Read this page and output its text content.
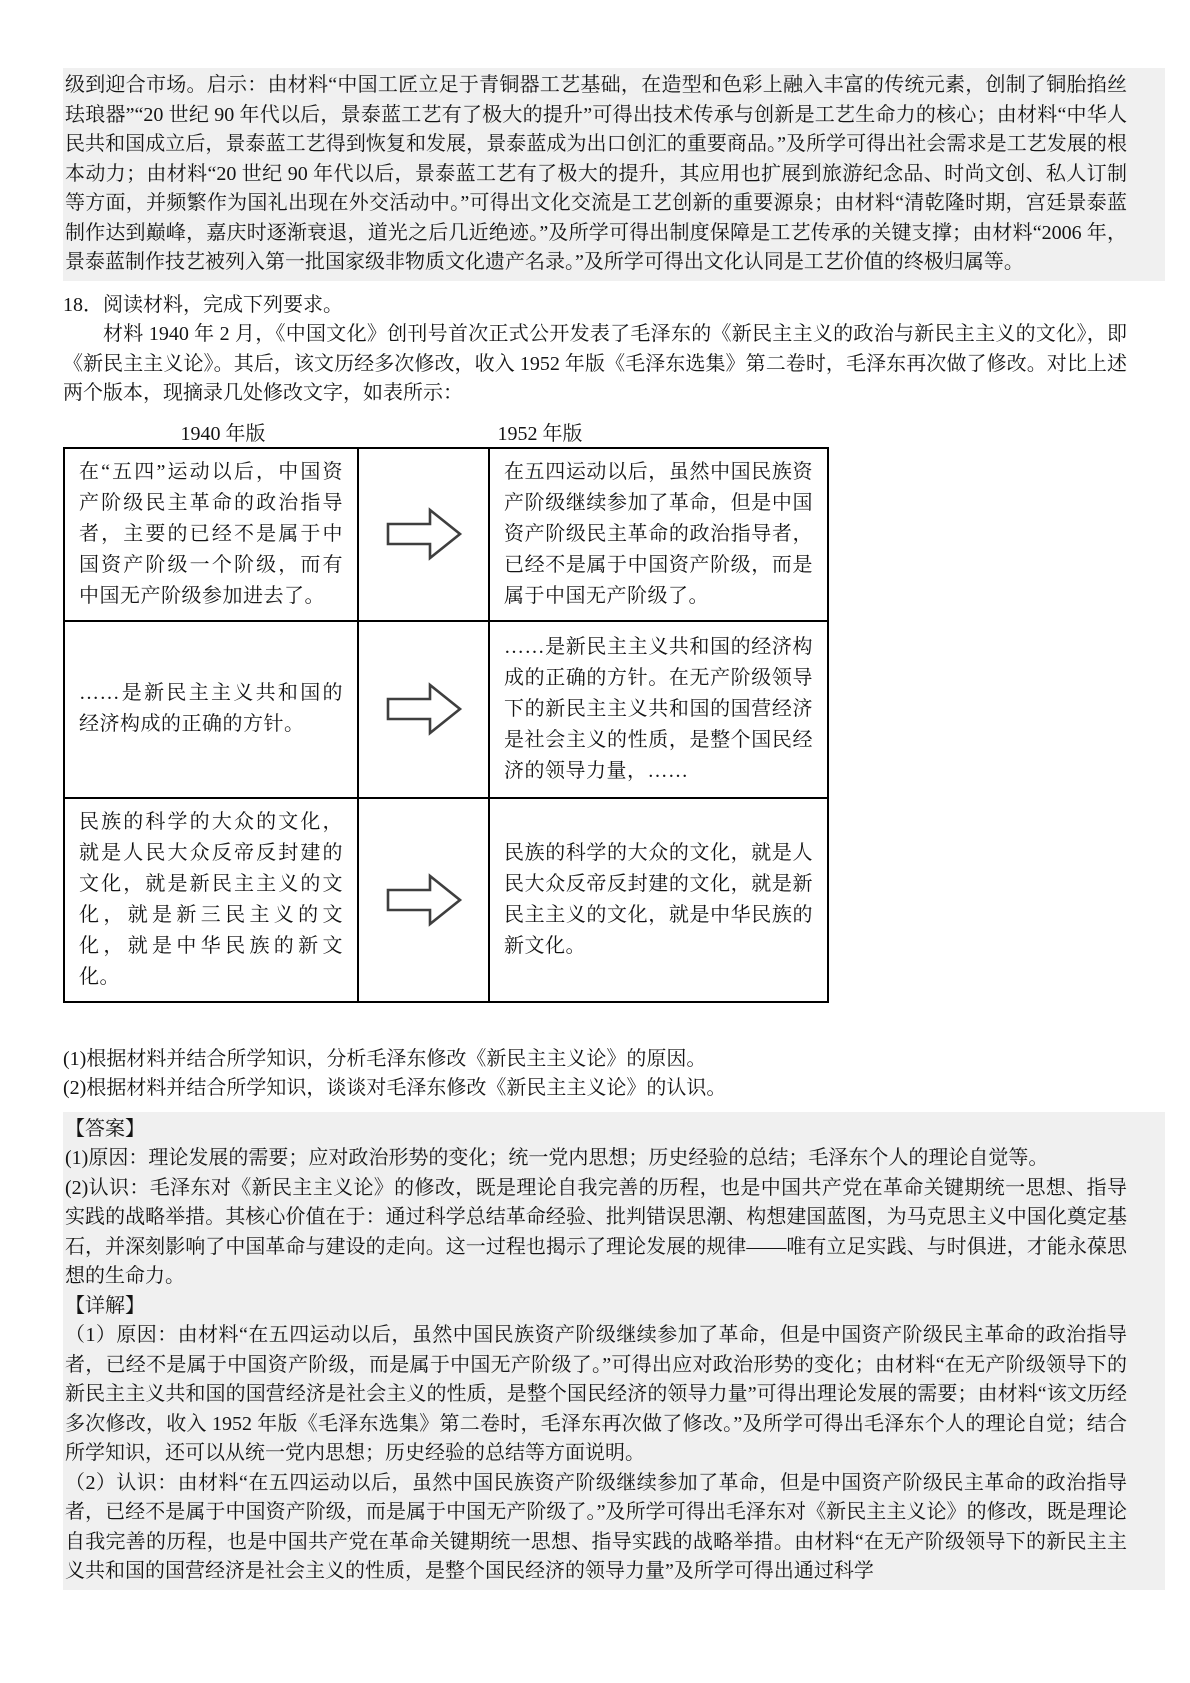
级到迎合市场。启示：由材料“中国工匠立足于青铜器工艺基础，在造型和色彩上融入丰富的传统元素，创制了铜胎掐丝珐琅器”“20 世纪 90 年代以后，景泰蓝工艺有了极大的提升”可得出技术传承与创新是工艺生命力的核心；由材料“中华人民共和国成立后，景泰蓝工艺得到恢复和发展，景泰蓝成为出口创汇的重要商品。”及所学可得出社会需求是工艺发展的根本动力；由材料“20 世纪 90 年代以后，景泰蓝工艺有了极大的提升，其应用也扩展到旅游纪念品、时尚文创、私人订制等方面，并频繁作为国礼出现在外交活动中。”可得出文化交流是工艺创新的重要源泉；由材料“清乾隆时期，宫廷景泰蓝制作达到巅峰，嘉庆时逐渐衰退，道光之后几近绝迹。”及所学可得出制度保障是工艺传承的关键支撑；由材料“2006 年，景泰蓝制作技艺被列入第一批国家级非物质文化遗产名录。”及所学可得出文化认同是工艺价值的终极归属等。

18．阅读材料，完成下列要求。

材料 1940 年 2 月，《中国文化》创刊号首次正式公开发表了毛泽东的《新民主主义的政治与新民主主义的文化》，即《新民主主义论》。其后，该文历经多次修改，收入 1952 年版《毛泽东选集》第二卷时，毛泽东再次做了修改。对比上述两个版本，现摘录几处修改文字，如表所示：

1940 年版	1952 年版
在“五四”运动以后，中国资产阶级民主革命的政治指导者，主要的已经不是属于中国资产阶级一个阶级，而有中国无产阶级参加进去了。		在五四运动以后，虽然中国民族资产阶级继续参加了革命，但是中国资产阶级民主革命的政治指导者，已经不是属于中国资产阶级，而是属于中国无产阶级了。
……是新民主主义共和国的经济构成的正确的方针。		……是新民主主义共和国的经济构成的正确的方针。在无产阶级领导下的新民主主义共和国的国营经济是社会主义的性质，是整个国民经济的领导力量，……
民族的科学的大众的文化，就是人民大众反帝反封建的文化，就是新民主主义的文化，就是新三民主义的文化，就是中华民族的新文化。		民族的科学的大众的文化，就是人民大众反帝反封建的文化，就是新民主主义的文化，就是中华民族的新文化。

(1)根据材料并结合所学知识，分析毛泽东修改《新民主主义论》的原因。

(2)根据材料并结合所学知识，谈谈对毛泽东修改《新民主主义论》的认识。

【答案】

(1)原因：理论发展的需要；应对政治形势的变化；统一党内思想；历史经验的总结；毛泽东个人的理论自觉等。

(2)认识：毛泽东对《新民主主义论》的修改，既是理论自我完善的历程，也是中国共产党在革命关键期统一思想、指导实践的战略举措。其核心价值在于：通过科学总结革命经验、批判错误思潮、构想建国蓝图，为马克思主义中国化奠定基石，并深刻影响了中国革命与建设的走向。这一过程也揭示了理论发展的规律——唯有立足实践、与时俱进，才能永葆思想的生命力。

【详解】

（1）原因：由材料“在五四运动以后，虽然中国民族资产阶级继续参加了革命，但是中国资产阶级民主革命的政治指导者，已经不是属于中国资产阶级，而是属于中国无产阶级了。”可得出应对政治形势的变化；由材料“在无产阶级领导下的新民主主义共和国的国营经济是社会主义的性质，是整个国民经济的领导力量”可得出理论发展的需要；由材料“该文历经多次修改，收入 1952 年版《毛泽东选集》第二卷时，毛泽东再次做了修改。”及所学可得出毛泽东个人的理论自觉；结合所学知识，还可以从统一党内思想；历史经验的总结等方面说明。

（2）认识：由材料“在五四运动以后，虽然中国民族资产阶级继续参加了革命，但是中国资产阶级民主革命的政治指导者，已经不是属于中国资产阶级，而是属于中国无产阶级了。”及所学可得出毛泽东对《新民主主义论》的修改，既是理论自我完善的历程，也是中国共产党在革命关键期统一思想、指导实践的战略举措。由材料“在无产阶级领导下的新民主主义共和国的国营经济是社会主义的性质，是整个国民经济的领导力量”及所学可得出通过科学
